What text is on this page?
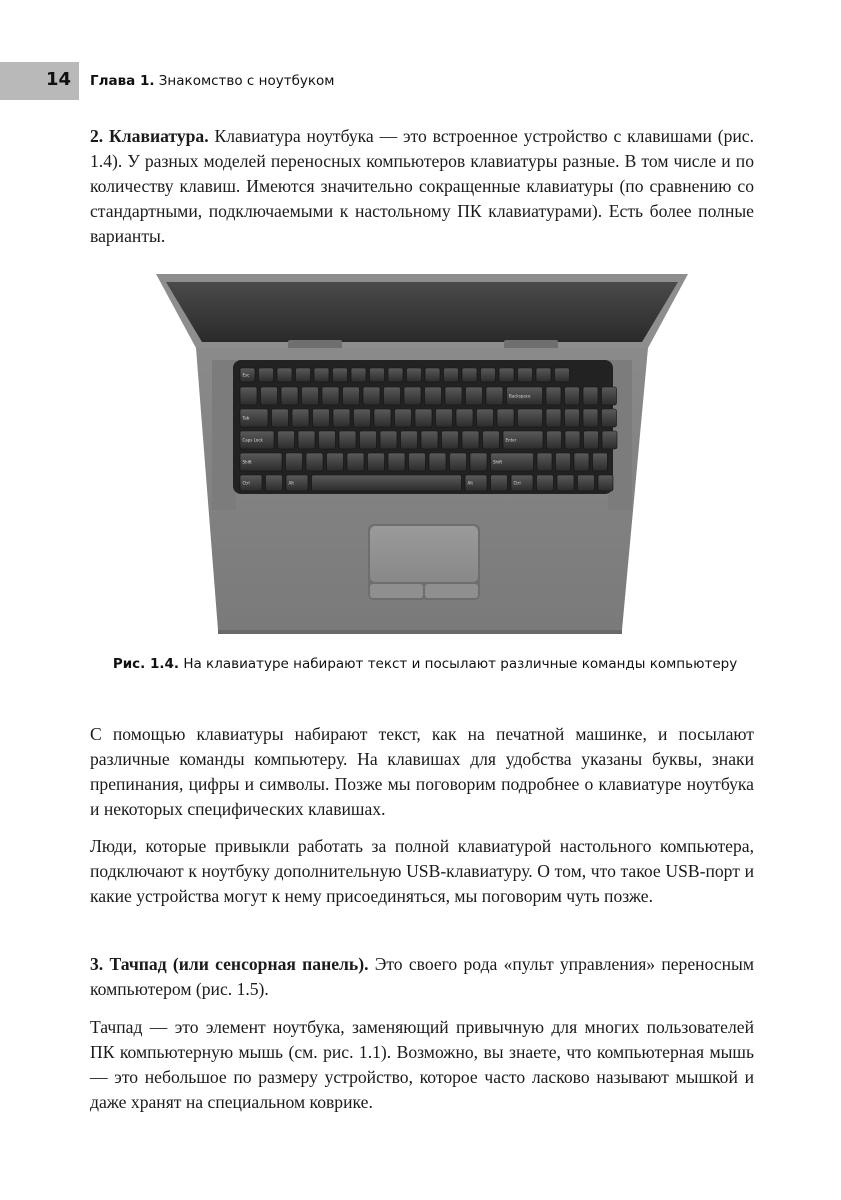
14 Глава 1. Знакомство с ноутбуком

2. Клавиатура. Клавиатура ноутбука — это встроенное устройство с клавишами (рис. 1.4). У разных моделей переносных компьютеров клавиатуры разные. В том числе и по количеству клавиш. Имеются значительно сокращенные клавиатуры (по сравнению со стандартными, подключаемыми к настольному ПК клавиатурами). Есть более полные варианты.

Esc
Backspace
Tab
Caps Lock	Enter
Shift	Shift
Ctrl	Alt	Alt	Ctrl
Рис. 1.4. На клавиатуре набирают текст и посылают различные команды компьютеру

С помощью клавиатуры набирают текст, как на печатной машинке, и посылают различные команды компьютеру. На клавишах для удобства указаны буквы, знаки препинания, цифры и символы. Позже мы поговорим подробнее о клавиатуре ноутбука и некоторых специфических клавишах.

Люди, которые привыкли работать за полной клавиатурой настольного компьютера, подключают к ноутбуку дополнительную USB-клавиатуру. О том, что такое USB-порт и какие устройства могут к нему присоединяться, мы поговорим чуть позже.

3. Тачпад (или сенсорная панель). Это своего рода «пульт управления» переносным компьютером (рис. 1.5).

Тачпад — это элемент ноутбука, заменяющий привычную для многих пользователей ПК компьютерную мышь (см. рис. 1.1). Возможно, вы знаете, что компьютерная мышь — это небольшое по размеру устройство, которое часто ласково называют мышкой и даже хранят на специальном коврике.
